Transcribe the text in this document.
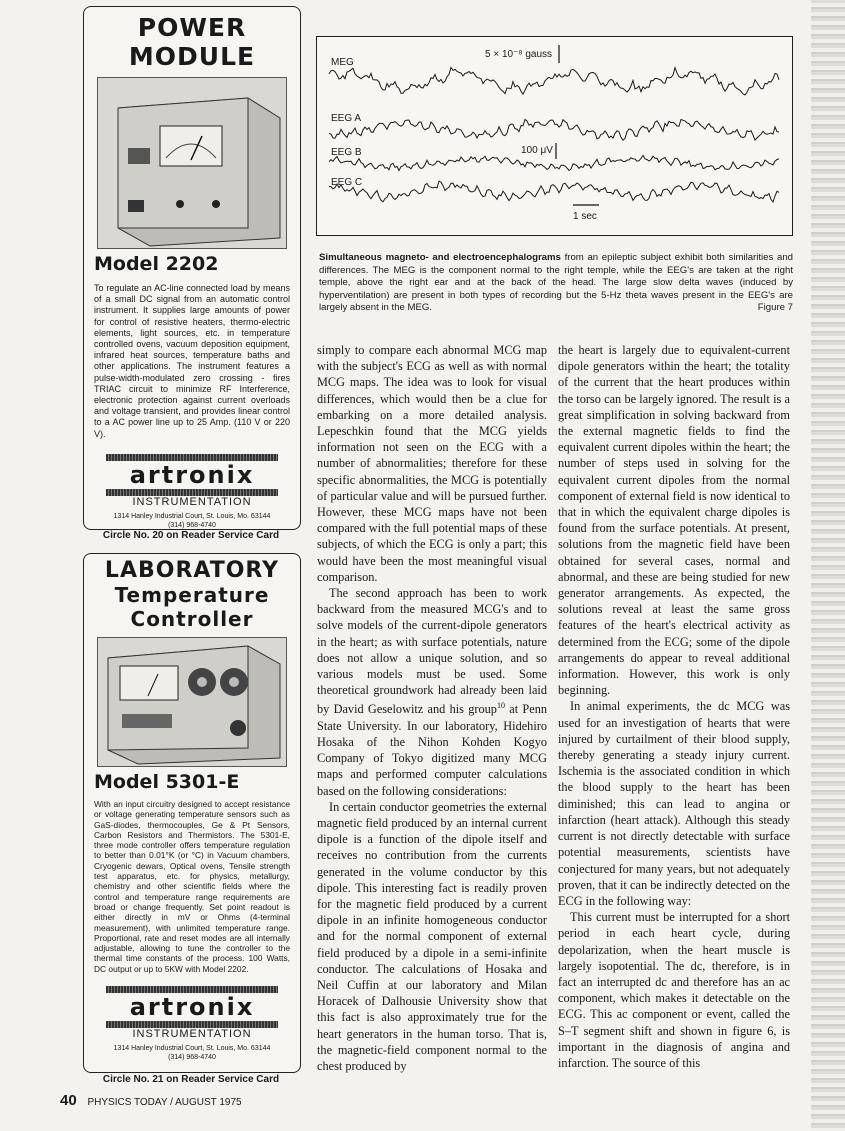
POWER MODULE
Model 2202
To regulate an AC-line connected load by means of a small DC signal from an automatic control instrument. It supplies large amounts of power for control of resistive heaters, thermo-electric elements, light sources, etc. in temperature controlled ovens, vacuum deposition equipment, infrared heat sources, temperature baths and other applications. The instrument features a pulse-width-modulated zero crossing - fires TRIAC circuit to minimize RF Interference, electronic protection against current overloads and voltage transient, and provides linear control to a AC power line up to 25 Amp. (110 V or 220 V).
artronix
INSTRUMENTATION
1314 Hanley Industrial Court, St. Louis, Mo. 63144
(314) 968-4740
Circle No. 20 on Reader Service Card
LABORATORY
Temperature Controller
Model 5301-E
With an input circuitry designed to accept resistance or voltage generating temperature sensors such as GaS-diodes, thermocouples, Ge & Pt Sensors, Carbon Resistors and Thermistors. The 5301-E, three mode controller offers temperature regulation to better than 0.01°K (or °C) in Vacuum chambers, Cryogenic dewars, Optical ovens, Tensile strength test apparatus, etc. for physics, metallurgy, chemistry and other scientific fields where the control and temperature range requirements are broad or change frequently. Set point readout is either directly in mV or Ohms (4-terminal measurement), with unlimited temperature range. Proportional, rate and reset modes are all internally adjustable, allowing to tune the controller to the thermal time constants of the process. 100 Watts, DC output or up to 5KW with Model 2202.
artronix
INSTRUMENTATION
1314 Hanley Industrial Court, St. Louis, Mo. 63144
(314) 968-4740
Circle No. 21 on Reader Service Card
40 PHYSICS TODAY / AUGUST 1975
MEG
EEG A
EEG B
EEG C
5 × 10⁻⁸ gauss
100 μV
1 sec
Simultaneous magneto- and electroencephalograms from an epileptic subject exhibit both similarities and differences. The MEG is the component normal to the right temple, while the EEG's are taken at the right temple, above the right ear and at the back of the head. The large slow delta waves (induced by hyperventilation) are present in both types of recording but the 5-Hz theta waves present in the EEG's are largely absent in the MEG.	Figure 7

simply to compare each abnormal MCG map with the subject's ECG as well as with normal MCG maps. The idea was to look for visual differences, which would then be a clue for embarking on a more detailed analysis. Lepeschkin found that the MCG yields information not seen on the ECG with a number of abnormalities; therefore for these specific abnormalities, the MCG is potentially of particular value and will be pursued further. However, these MCG maps have not been compared with the full potential maps of these subjects, of which the ECG is only a part; this would have been the most meaningful visual comparison.

The second approach has been to work backward from the measured MCG's and to solve models of the current-dipole generators in the heart; as with surface potentials, nature does not allow a unique solution, and so various models must be used. Some theoretical groundwork had already been laid by David Geselowitz and his group$^{10}$ at Penn State University. In our laboratory, Hidehiro Hosaka of the Nihon Kohden Kogyo Company of Tokyo digitized many MCG maps and performed computer calculations based on the following considerations:

In certain conductor geometries the external magnetic field produced by an internal current dipole is a function of the dipole itself and receives no contribution from the currents generated in the volume conductor by this dipole. This interesting fact is readily proven for the magnetic field produced by a current dipole in an infinite homogeneous conductor and for the normal component of external field produced by a dipole in a semi-infinite conductor. The calculations of Hosaka and Neil Cuffin at our laboratory and Milan Horacek of Dalhousie University show that this fact is also approximately true for the heart generators in the human torso. That is, the magnetic-field component normal to the chest produced by

the heart is largely due to equivalent-current dipole generators within the heart; the totality of the current that the heart produces within the torso can be largely ignored. The result is a great simplification in solving backward from the external magnetic fields to find the equivalent current dipoles within the heart; the number of steps used in solving for the equivalent current dipoles from the normal component of external field is now identical to that in which the equivalent charge dipoles is found from the surface potentials. At present, solutions from the magnetic field have been obtained for several cases, normal and abnormal, and these are being studied for new generator arrangements. As expected, the solutions reveal at least the same gross features of the heart's electrical activity as determined from the ECG; some of the dipole arrangements do appear to reveal additional information. However, this work is only beginning.

In animal experiments, the dc MCG was used for an investigation of hearts that were injured by curtailment of their blood supply, thereby generating a steady injury current. Ischemia is the associated condition in which the blood supply to the heart has been diminished; this can lead to angina or infarction (heart attack). Although this steady current is not directly detectable with surface potential measurements, scientists have conjectured for many years, but not adequately proven, that it can be indirectly detected on the ECG in the following way:

This current must be interrupted for a short period in each heart cycle, during depolarization, when the heart muscle is largely isopotential. The dc, therefore, is in fact an interrupted dc and therefore has an ac component, which makes it detectable on the ECG. This ac component or event, called the S–T segment shift and shown in figure 6, is important in the diagnosis of angina and infarction. The source of this
